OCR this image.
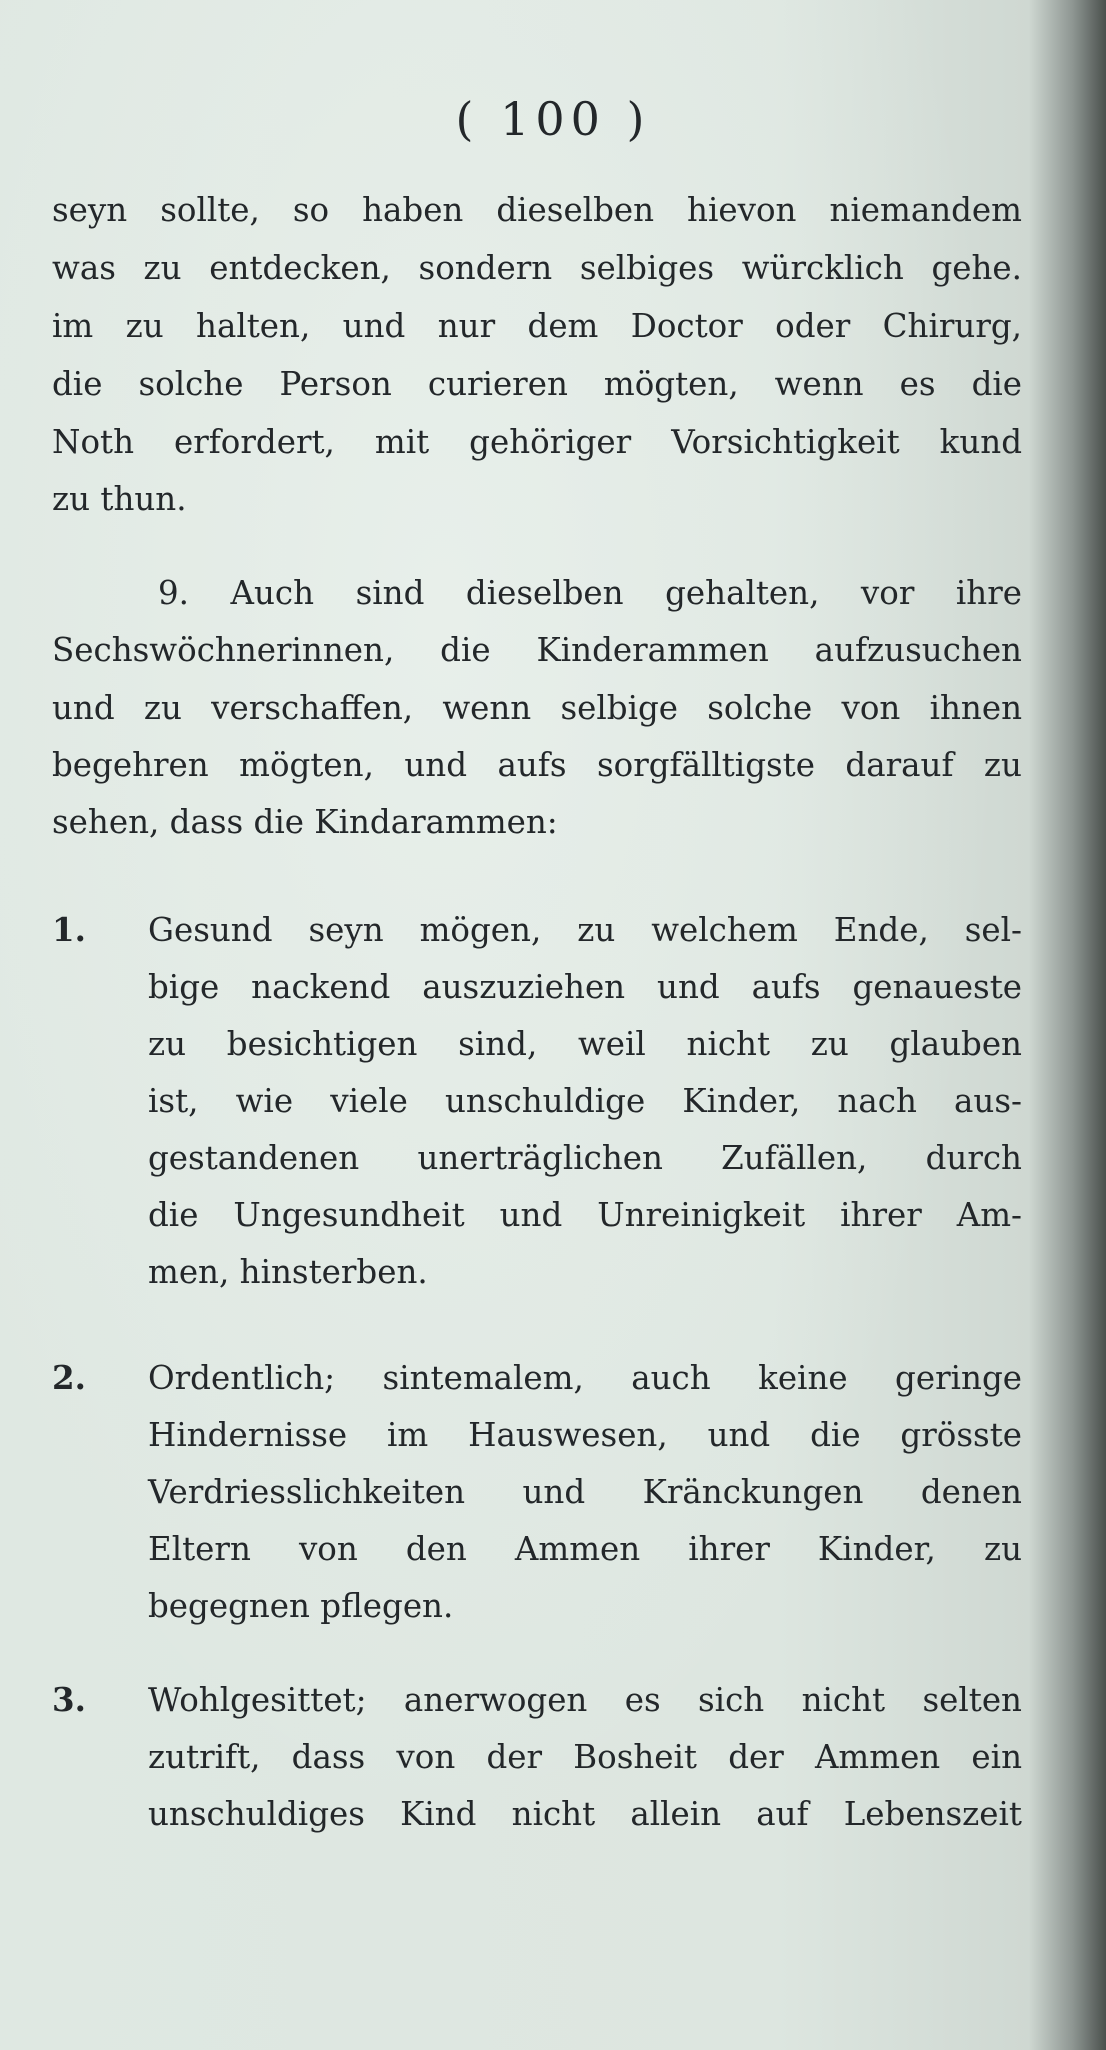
( 100 )

seyn sollte, so haben dieselben hievon niemandem

was zu entdecken, sondern selbiges würcklich gehe.

im zu halten, und nur dem Doctor oder Chirurg,

die solche Person curieren mögten, wenn es die

Noth erfordert, mit gehöriger Vorsichtigkeit kund

zu thun.

9. Auch sind dieselben gehalten, vor ihre

Sechswöchnerinnen, die Kinderammen aufzusuchen

und zu verschaffen, wenn selbige solche von ihnen

begehren mögten, und aufs sorgfälltigste darauf zu

sehen, dass die Kindarammen:

1. Gesund seyn mögen, zu welchem Ende, sel-

bige nackend auszuziehen und aufs genaueste

zu besichtigen sind, weil nicht zu glauben

ist, wie viele unschuldige Kinder, nach aus-

gestandenen unerträglichen Zufällen, durch

die Ungesundheit und Unreinigkeit ihrer Am-

men, hinsterben.

2. Ordentlich; sintemalem, auch keine geringe

Hindernisse im Hauswesen, und die grösste

Verdriesslichkeiten und Kränckungen denen

Eltern von den Ammen ihrer Kinder, zu

begegnen pflegen.

3. Wohlgesittet; anerwogen es sich nicht selten

zutrift, dass von der Bosheit der Ammen ein

unschuldiges Kind nicht allein auf Lebenszeit
